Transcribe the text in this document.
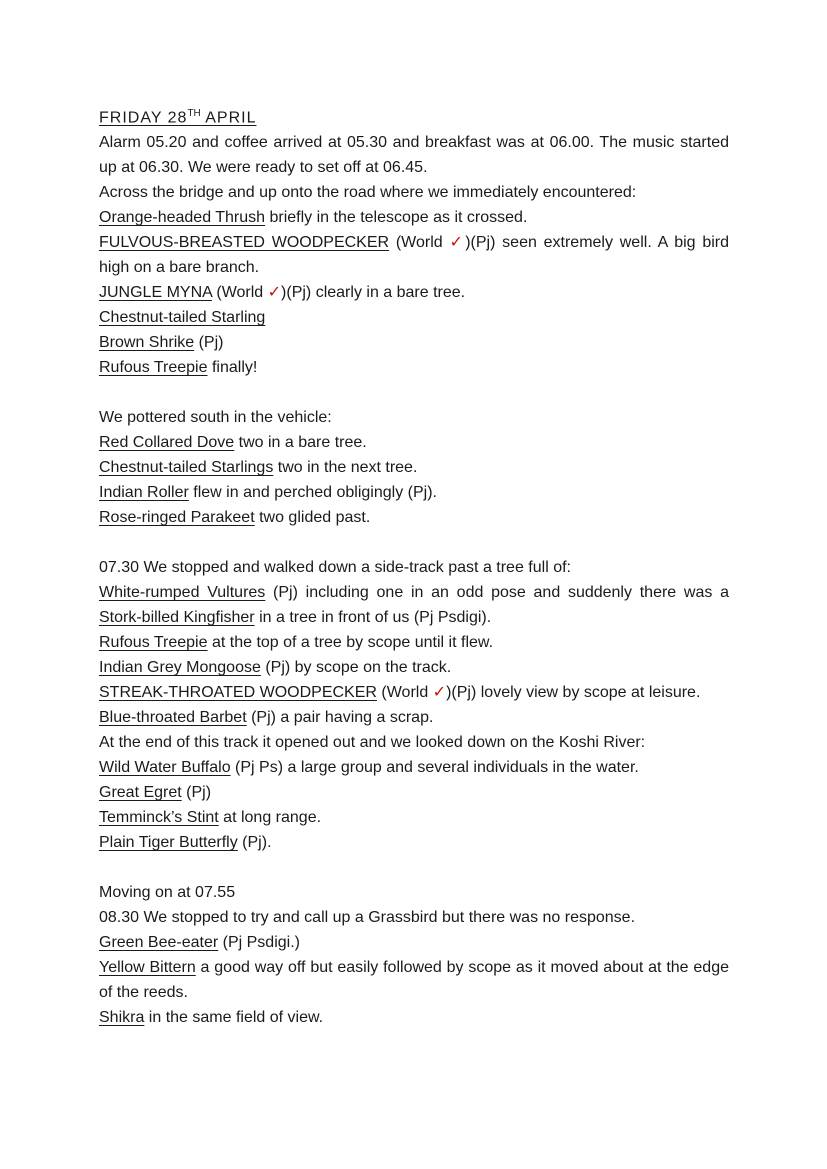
FRIDAY 28TH APRIL
Alarm 05.20 and coffee arrived at 05.30 and breakfast was at 06.00. The music started up at 06.30. We were ready to set off at 06.45.
Across the bridge and up onto the road where we immediately encountered:
Orange-headed Thrush briefly in the telescope as it crossed.
FULVOUS-BREASTED WOODPECKER (World ✓)(Pj) seen extremely well. A big bird high on a bare branch.
JUNGLE MYNA (World ✓)(Pj) clearly in a bare tree.
Chestnut-tailed Starling
Brown Shrike (Pj)
Rufous Treepie finally!
We pottered south in the vehicle:
Red Collared Dove two in a bare tree.
Chestnut-tailed Starlings two in the next tree.
Indian Roller flew in and perched obligingly (Pj).
Rose-ringed Parakeet two glided past.
07.30 We stopped and walked down a side-track past a tree full of:
White-rumped Vultures (Pj) including one in an odd pose and suddenly there was a Stork-billed Kingfisher in a tree in front of us (Pj Psdigi).
Rufous Treepie at the top of a tree by scope until it flew.
Indian Grey Mongoose (Pj) by scope on the track.
STREAK-THROATED WOODPECKER (World ✓)(Pj) lovely view by scope at leisure.
Blue-throated Barbet (Pj) a pair having a scrap.
At the end of this track it opened out and we looked down on the Koshi River:
Wild Water Buffalo (Pj Ps) a large group and several individuals in the water.
Great Egret (Pj)
Temminck’s Stint at long range.
Plain Tiger Butterfly (Pj).
Moving on at 07.55
08.30 We stopped to try and call up a Grassbird but there was no response.
Green Bee-eater (Pj Psdigi.)
Yellow Bittern a good way off but easily followed by scope as it moved about at the edge of the reeds.
Shikra in the same field of view.
